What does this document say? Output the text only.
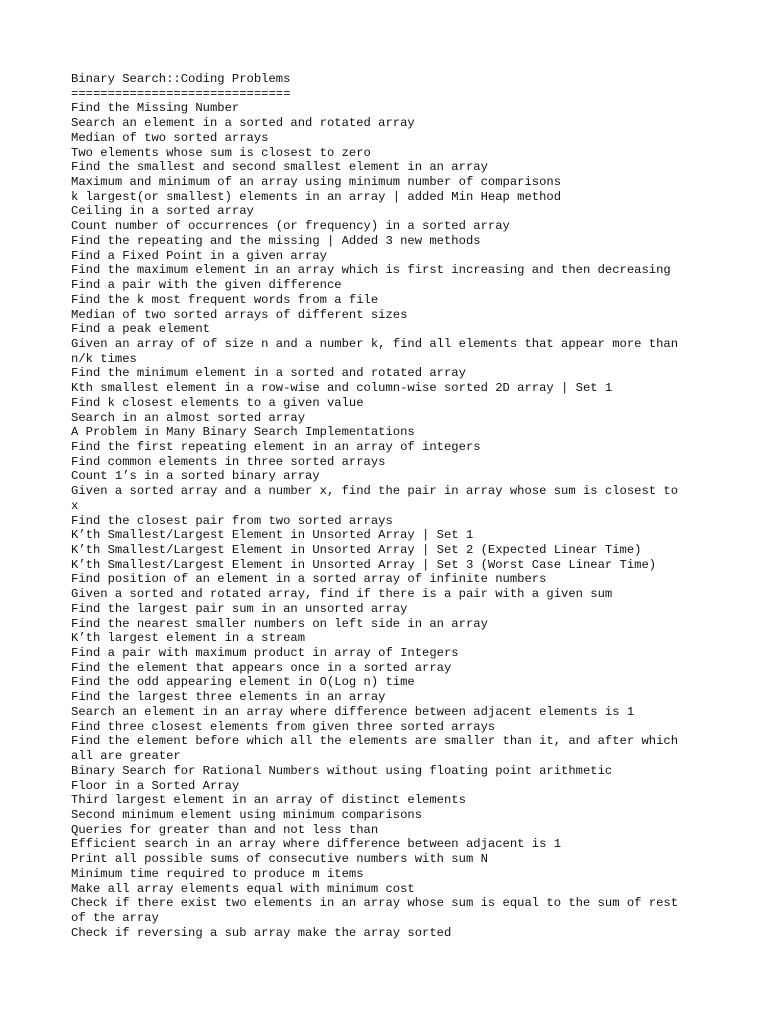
Binary Search::Coding Problems
==============================
Find the Missing Number
Search an element in a sorted and rotated array
Median of two sorted arrays
Two elements whose sum is closest to zero
Find the smallest and second smallest element in an array
Maximum and minimum of an array using minimum number of comparisons
k largest(or smallest) elements in an array | added Min Heap method
Ceiling in a sorted array
Count number of occurrences (or frequency) in a sorted array
Find the repeating and the missing | Added 3 new methods
Find a Fixed Point in a given array
Find the maximum element in an array which is first increasing and then decreasing
Find a pair with the given difference
Find the k most frequent words from a file
Median of two sorted arrays of different sizes
Find a peak element
Given an array of of size n and a number k, find all elements that appear more than
n/k times
Find the minimum element in a sorted and rotated array
Kth smallest element in a row-wise and column-wise sorted 2D array | Set 1
Find k closest elements to a given value
Search in an almost sorted array
A Problem in Many Binary Search Implementations
Find the first repeating element in an array of integers
Find common elements in three sorted arrays
Count 1’s in a sorted binary array
Given a sorted array and a number x, find the pair in array whose sum is closest to
x
Find the closest pair from two sorted arrays
K’th Smallest/Largest Element in Unsorted Array | Set 1
K’th Smallest/Largest Element in Unsorted Array | Set 2 (Expected Linear Time)
K’th Smallest/Largest Element in Unsorted Array | Set 3 (Worst Case Linear Time)
Find position of an element in a sorted array of infinite numbers
Given a sorted and rotated array, find if there is a pair with a given sum
Find the largest pair sum in an unsorted array
Find the nearest smaller numbers on left side in an array
K’th largest element in a stream
Find a pair with maximum product in array of Integers
Find the element that appears once in a sorted array
Find the odd appearing element in O(Log n) time
Find the largest three elements in an array
Search an element in an array where difference between adjacent elements is 1
Find three closest elements from given three sorted arrays
Find the element before which all the elements are smaller than it, and after which
all are greater
Binary Search for Rational Numbers without using floating point arithmetic
Floor in a Sorted Array
Third largest element in an array of distinct elements
Second minimum element using minimum comparisons
Queries for greater than and not less than
Efficient search in an array where difference between adjacent is 1
Print all possible sums of consecutive numbers with sum N
Minimum time required to produce m items
Make all array elements equal with minimum cost
Check if there exist two elements in an array whose sum is equal to the sum of rest
of the array
Check if reversing a sub array make the array sorted
